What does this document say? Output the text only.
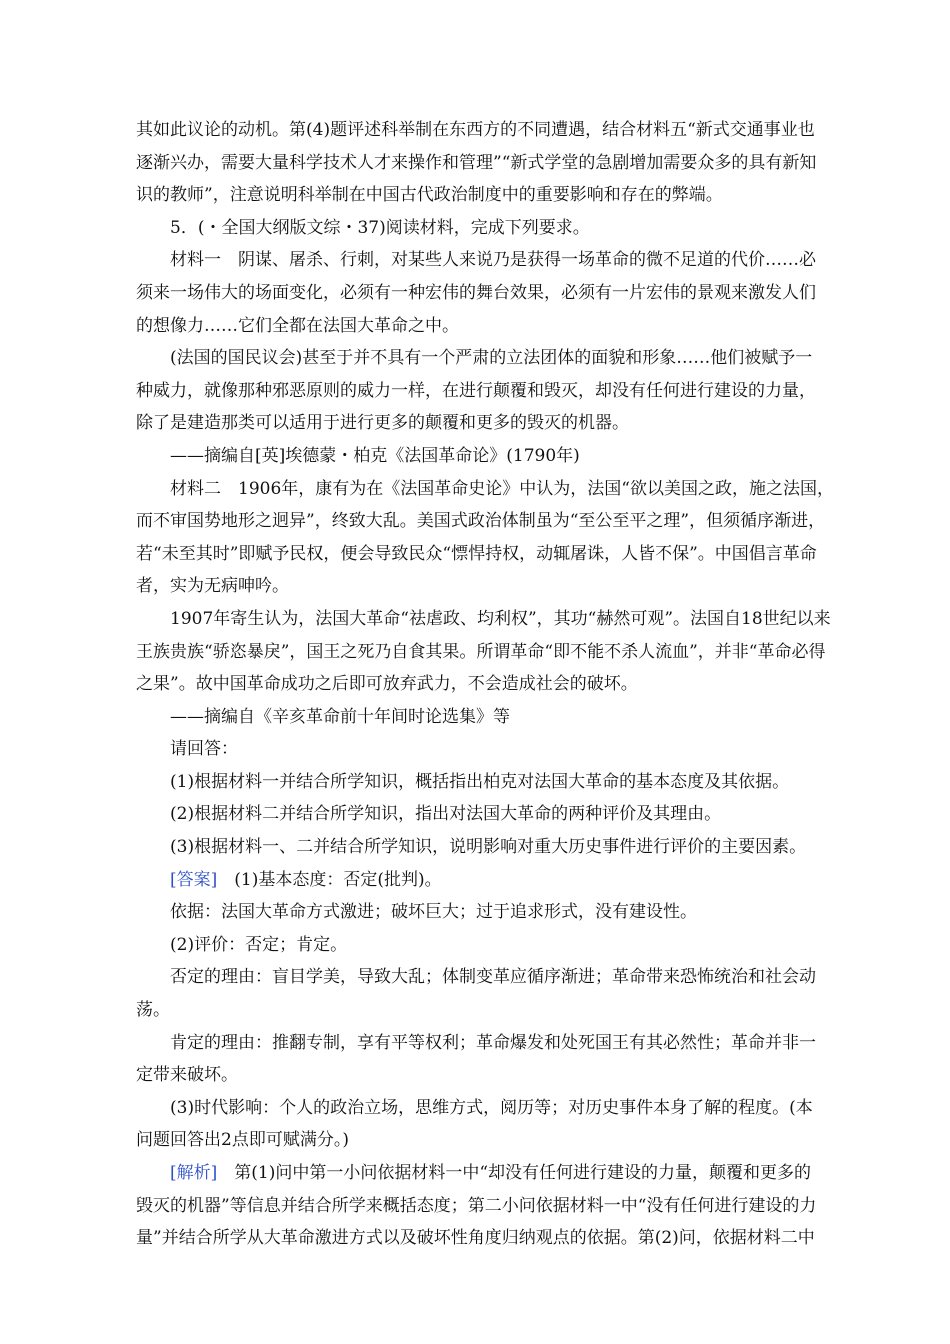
其如此议论的动机。第(4)题评述科举制在东西方的不同遭遇，结合材料五“新式交通事业也
逐渐兴办，需要大量科学技术人才来操作和管理”“新式学堂的急剧增加需要众多的具有新知
识的教师”，注意说明科举制在中国古代政治制度中的重要影响和存在的弊端。
5．(・全国大纲版文综・37)阅读材料，完成下列要求。
材料一　阴谋、屠杀、行刺，对某些人来说乃是获得一场革命的微不足道的代价……必
须来一场伟大的场面变化，必须有一种宏伟的舞台效果，必须有一片宏伟的景观来激发人们
的想像力……它们全都在法国大革命之中。
(法国的国民议会)甚至于并不具有一个严肃的立法团体的面貌和形象……他们被赋予一
种威力，就像那种邪恶原则的威力一样，在进行颠覆和毁灭，却没有任何进行建设的力量，
除了是建造那类可以适用于进行更多的颠覆和更多的毁灭的机器。
——摘编自[英]埃德蒙・柏克《法国革命论》(1790年)
材料二　1906年，康有为在《法国革命史论》中认为，法国“欲以美国之政，施之法国，
而不审国势地形之迥异”，终致大乱。美国式政治体制虽为“至公至平之理”，但须循序渐进，
若“未至其时”即赋予民权，便会导致民众“慓悍持权，动辄屠诛，人皆不保”。中国倡言革命
者，实为无病呻吟。
1907年寄生认为，法国大革命“祛虐政、均利权”，其功“赫然可观”。法国自18世纪以来
王族贵族“骄恣暴戾”，国王之死乃自食其果。所谓革命“即不能不杀人流血”，并非“革命必得
之果”。故中国革命成功之后即可放弃武力，不会造成社会的破坏。
——摘编自《辛亥革命前十年间时论选集》等
请回答：
(1)根据材料一并结合所学知识，概括指出柏克对法国大革命的基本态度及其依据。
(2)根据材料二并结合所学知识，指出对法国大革命的两种评价及其理由。
(3)根据材料一、二并结合所学知识，说明影响对重大历史事件进行评价的主要因素。
[答案]　(1)基本态度：否定(批判)。
依据：法国大革命方式激进；破坏巨大；过于追求形式，没有建设性。
(2)评价：否定；肯定。
否定的理由：盲目学美，导致大乱；体制变革应循序渐进；革命带来恐怖统治和社会动
荡。
肯定的理由：推翻专制，享有平等权利；革命爆发和处死国王有其必然性；革命并非一
定带来破坏。
(3)时代影响：个人的政治立场，思维方式，阅历等；对历史事件本身了解的程度。(本
问题回答出2点即可赋满分。)
[解析]　第(1)问中第一小问依据材料一中“却没有任何进行建设的力量，颠覆和更多的
毁灭的机器”等信息并结合所学来概括态度；第二小问依据材料一中“没有任何进行建设的力
量”并结合所学从大革命激进方式以及破坏性角度归纳观点的依据。第(2)问，依据材料二中
